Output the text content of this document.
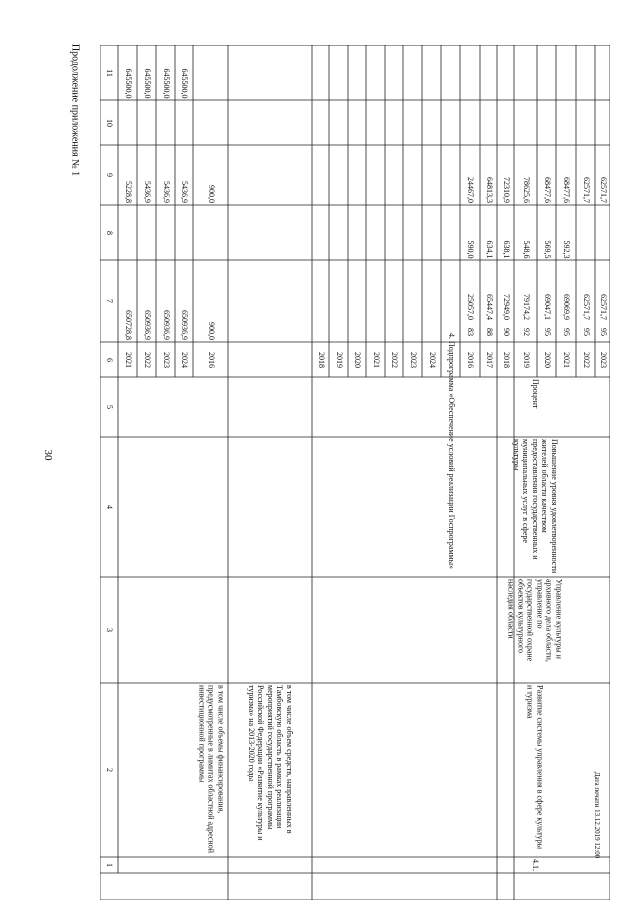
30
Продолжение приложения № 1
Дата печати 13.12.2019 12:00
1
2
3
4
5
6
7
8
9
10
11
2021
650728,8
5228,8
645500,0
2022
650936,9
5436,9
645500,0
2023
650936,9
5436,9
645500,0
2024
650936,9
5436,9
645500,0
в том числе объемы финансирования, предусмотренные в лимитах областной адресной инвестиционной программы
2016
900,0
900,0
в том числе объем средств, направленных в Тамбовскую область в рамках реализации мероприятий государственной программы Российской Федерации «Развитие культуры и туризма» на 2013-2020 годы
2018 2019 2020 2021 2022 2023 2024 4. Подпрограмма «Обеспечение условий реализации Госпрограммы»
4.1.
Развитие системы управления в сфере культуры и туризма
Управление культуры и архивного дела области, управление по государственной охране объектов культурного наследия области
Повышение уровня удовлетворенности жителей области качеством предоставления государственных и муниципальных услуг в сфере культуры
Процент
2016
83
25057,0
590,0
24467,0
2017
88
65447,4
634,1
64813,3
2018
90
72949,0
638,1
72310,9
2019
92
79174,2
548,6
78625,6
2020
95
69047,1
569,5
68477,6
2021
95
69069,9
592,3
68477,6
2022
95
62571,7
62571,7
2023
95
62571,7
62571,7
